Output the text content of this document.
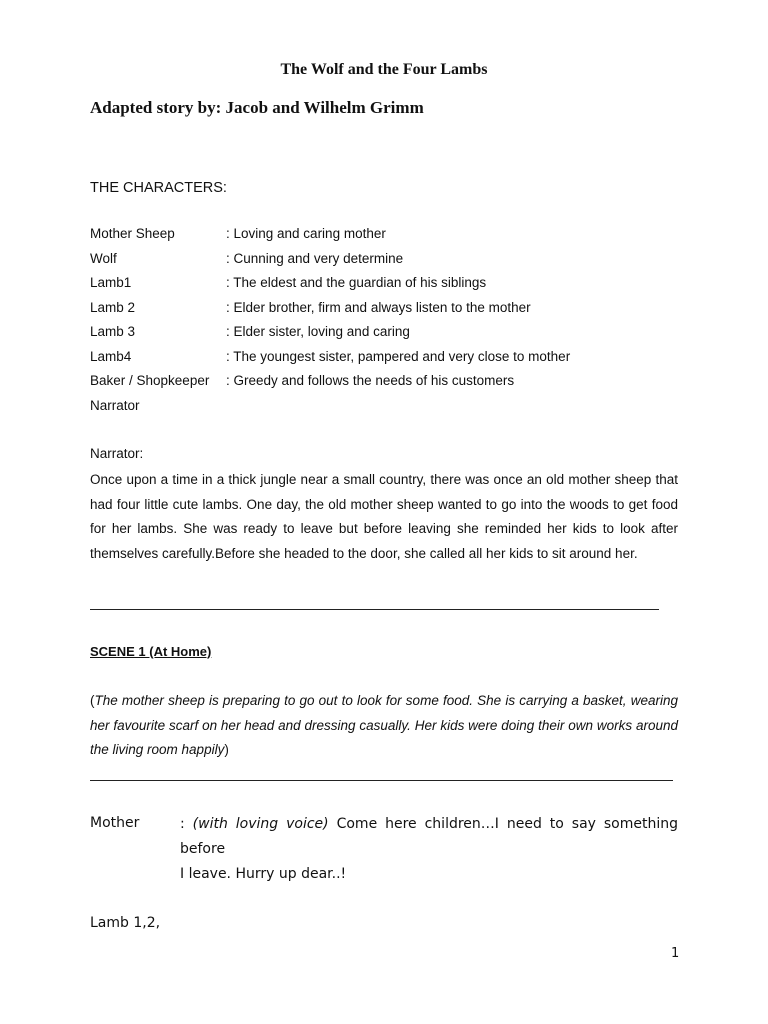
The Wolf and the Four Lambs
Adapted story by: Jacob and Wilhelm Grimm
THE CHARACTERS:
Mother Sheep	: Loving and caring mother
Wolf	: Cunning and very determine
Lamb1	: The eldest and the guardian of his siblings
Lamb 2	: Elder brother, firm and always listen to the mother
Lamb 3	: Elder sister, loving and caring
Lamb4	: The youngest sister, pampered and very close to mother
Baker / Shopkeeper : Greedy and follows the needs of his customers
Narrator
Narrator:
Once upon a time in a thick jungle near a small country, there was once an old mother sheep that had four little cute lambs. One day, the old mother sheep wanted to go into the woods to get food for her lambs. She was ready to leave but before leaving she reminded her kids to look after themselves carefully.Before she headed to the door, she called all her kids to sit around her.
SCENE 1 (At Home)
(The mother sheep is preparing to go out to look for some food. She is carrying a basket, wearing her favourite scarf on her head and dressing casually. Her kids were doing their own works around the living room happily)
Mother	: (with loving voice) Come here children…I need to say something
before
I leave. Hurry up dear..!
Lamb 1,2,
1
